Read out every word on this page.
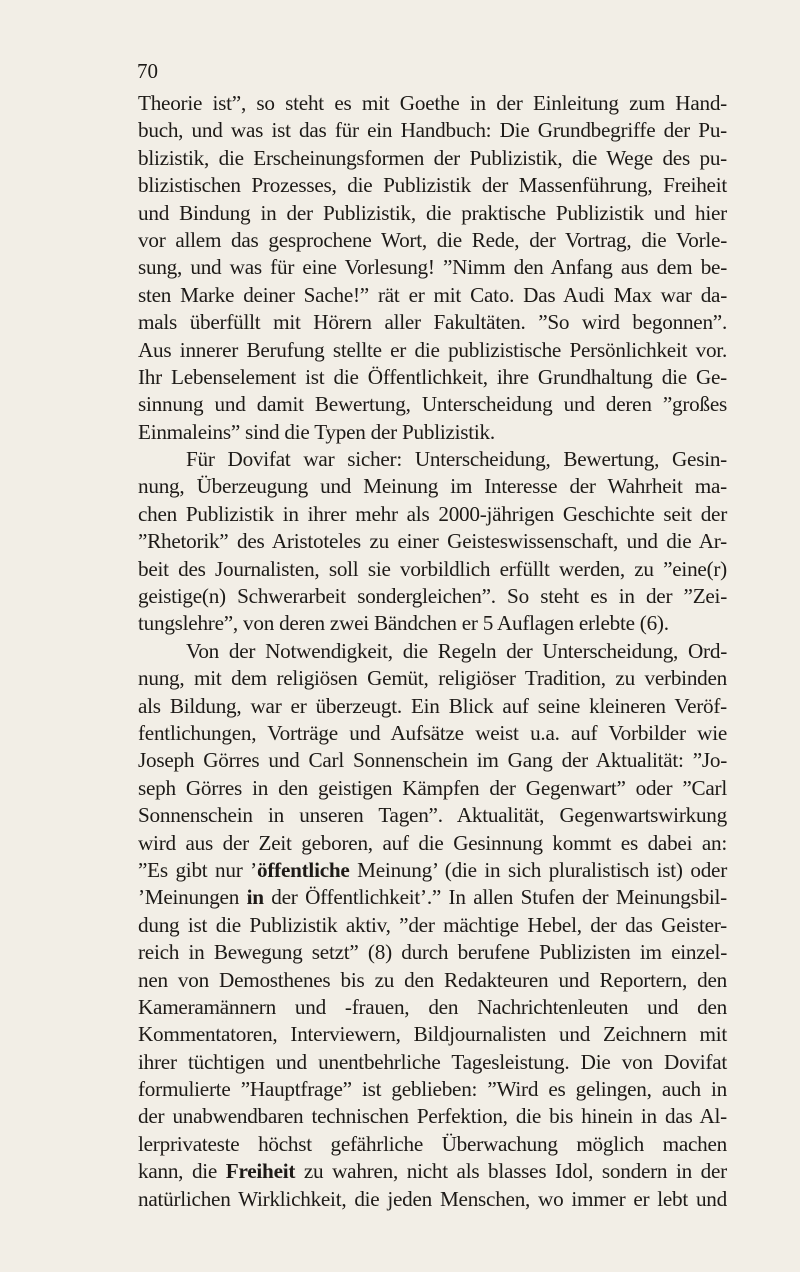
70
Theorie ist”, so steht es mit Goethe in der Einleitung zum Hand-
buch, und was ist das für ein Handbuch: Die Grundbegriffe der Pu-
blizistik, die Erscheinungsformen der Publizistik, die Wege des pu-
blizistischen Prozesses, die Publizistik der Massenführung, Freiheit
und Bindung in der Publizistik, die praktische Publizistik und hier
vor allem das gesprochene Wort, die Rede, der Vortrag, die Vorle-
sung, und was für eine Vorlesung! ”Nimm den Anfang aus dem be-
sten Marke deiner Sache!” rät er mit Cato. Das Audi Max war da-
mals überfüllt mit Hörern aller Fakultäten. ”So wird begonnen”.
Aus innerer Berufung stellte er die publizistische Persönlichkeit vor.
Ihr Lebenselement ist die Öffentlichkeit, ihre Grundhaltung die Ge-
sinnung und damit Bewertung, Unterscheidung und deren ”großes
Einmaleins” sind die Typen der Publizistik.
Für Dovifat war sicher: Unterscheidung, Bewertung, Gesin-
nung, Überzeugung und Meinung im Interesse der Wahrheit ma-
chen Publizistik in ihrer mehr als 2000-jährigen Geschichte seit der
”Rhetorik” des Aristoteles zu einer Geisteswissenschaft, und die Ar-
beit des Journalisten, soll sie vorbildlich erfüllt werden, zu ”eine(r)
geistige(n) Schwerarbeit sondergleichen”. So steht es in der ”Zei-
tungslehre”, von deren zwei Bändchen er 5 Auflagen erlebte (6).
Von der Notwendigkeit, die Regeln der Unterscheidung, Ord-
nung, mit dem religiösen Gemüt, religiöser Tradition, zu verbinden
als Bildung, war er überzeugt. Ein Blick auf seine kleineren Veröf-
fentlichungen, Vorträge und Aufsätze weist u.a. auf Vorbilder wie
Joseph Görres und Carl Sonnenschein im Gang der Aktualität: ”Jo-
seph Görres in den geistigen Kämpfen der Gegenwart” oder ”Carl
Sonnenschein in unseren Tagen”. Aktualität, Gegenwartswirkung
wird aus der Zeit geboren, auf die Gesinnung kommt es dabei an:
”Es gibt nur ’öffentliche Meinung’ (die in sich pluralistisch ist) oder
’Meinungen in der Öffentlichkeit’.” In allen Stufen der Meinungsbil-
dung ist die Publizistik aktiv, ”der mächtige Hebel, der das Geister-
reich in Bewegung setzt” (8) durch berufene Publizisten im einzel-
nen von Demosthenes bis zu den Redakteuren und Reportern, den
Kameramännern und -frauen, den Nachrichtenleuten und den
Kommentatoren, Interviewern, Bildjournalisten und Zeichnern mit
ihrer tüchtigen und unentbehrliche Tagesleistung. Die von Dovifat
formulierte ”Hauptfrage” ist geblieben: ”Wird es gelingen, auch in
der unabwendbaren technischen Perfektion, die bis hinein in das Al-
lerprivateste höchst gefährliche Überwachung möglich machen
kann, die Freiheit zu wahren, nicht als blasses Idol, sondern in der
natürlichen Wirklichkeit, die jeden Menschen, wo immer er lebt und
